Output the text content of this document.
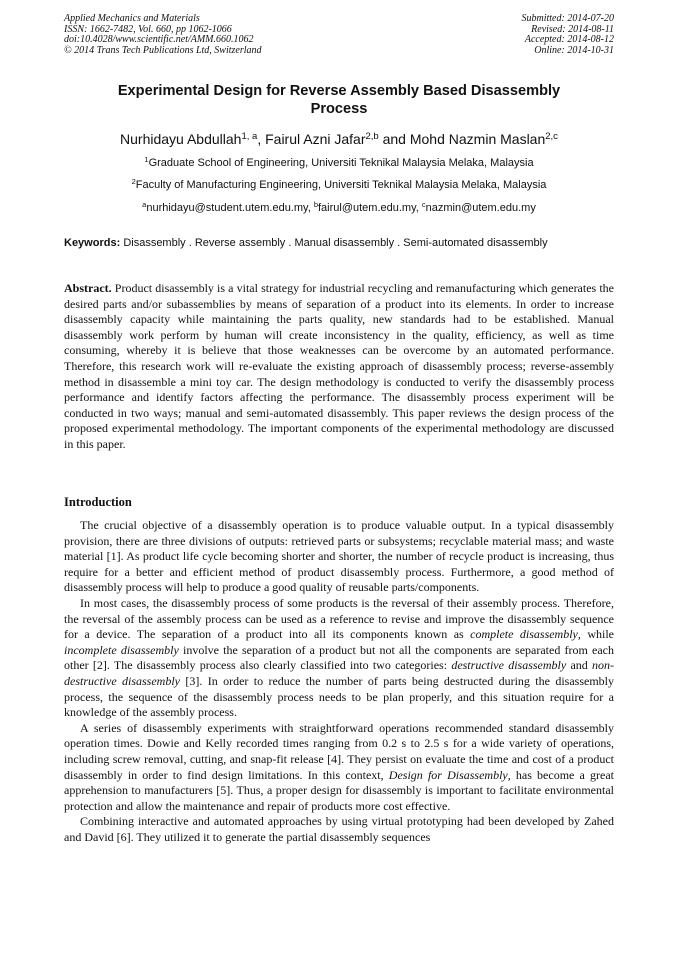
Applied Mechanics and Materials
ISSN: 1662-7482, Vol. 660, pp 1062-1066
doi:10.4028/www.scientific.net/AMM.660.1062
© 2014 Trans Tech Publications Ltd, Switzerland
Submitted: 2014-07-20
Revised: 2014-08-11
Accepted: 2014-08-12
Online: 2014-10-31
Experimental Design for Reverse Assembly Based Disassembly
Process
Nurhidayu Abdullah$^{1, a}$, Fairul Azni Jafar$^{2,b}$ and Mohd Nazmin Maslan$^{2,c}$
$^1$Graduate School of Engineering, Universiti Teknikal Malaysia Melaka, Malaysia
$^2$Faculty of Manufacturing Engineering, Universiti Teknikal Malaysia Melaka, Malaysia
$^a$nurhidayu@student.utem.edu.my, $^b$fairul@utem.edu.my, $^c$nazmin@utem.edu.my
Keywords: Disassembly . Reverse assembly . Manual disassembly . Semi-automated disassembly

Abstract. Product disassembly is a vital strategy for industrial recycling and remanufacturing which generates the desired parts and/or subassemblies by means of separation of a product into its elements. In order to increase disassembly capacity while maintaining the parts quality, new standards had to be established. Manual disassembly work perform by human will create inconsistency in the quality, efficiency, as well as time consuming, whereby it is believe that those weaknesses can be overcome by an automated performance. Therefore, this research work will re-evaluate the existing approach of disassembly process; reverse-assembly method in disassemble a mini toy car. The design methodology is conducted to verify the disassembly process performance and identify factors affecting the performance. The disassembly process experiment will be conducted in two ways; manual and semi-automated disassembly. This paper reviews the design process of the proposed experimental methodology. The important components of the experimental methodology are discussed in this paper.

Introduction

The crucial objective of a disassembly operation is to produce valuable output. In a typical disassembly provision, there are three divisions of outputs: retrieved parts or subsystems; recyclable material mass; and waste material [1]. As product life cycle becoming shorter and shorter, the number of recycle product is increasing, thus require for a better and efficient method of product disassembly process. Furthermore, a good method of disassembly process will help to produce a good quality of reusable parts/components.

In most cases, the disassembly process of some products is the reversal of their assembly process. Therefore, the reversal of the assembly process can be used as a reference to revise and improve the disassembly sequence for a device. The separation of a product into all its components known as complete disassembly, while incomplete disassembly involve the separation of a product but not all the components are separated from each other [2]. The disassembly process also clearly classified into two categories: destructive disassembly and non-destructive disassembly [3]. In order to reduce the number of parts being destructed during the disassembly process, the sequence of the disassembly process needs to be plan properly, and this situation require for a knowledge of the assembly process.

A series of disassembly experiments with straightforward operations recommended standard disassembly operation times. Dowie and Kelly recorded times ranging from 0.2 s to 2.5 s for a wide variety of operations, including screw removal, cutting, and snap-fit release [4]. They persist on evaluate the time and cost of a product disassembly in order to find design limitations. In this context, Design for Disassembly, has become a great apprehension to manufacturers [5]. Thus, a proper design for disassembly is important to facilitate environmental protection and allow the maintenance and repair of products more cost effective.

Combining interactive and automated approaches by using virtual prototyping had been developed by Zahed and David [6]. They utilized it to generate the partial disassembly sequences
